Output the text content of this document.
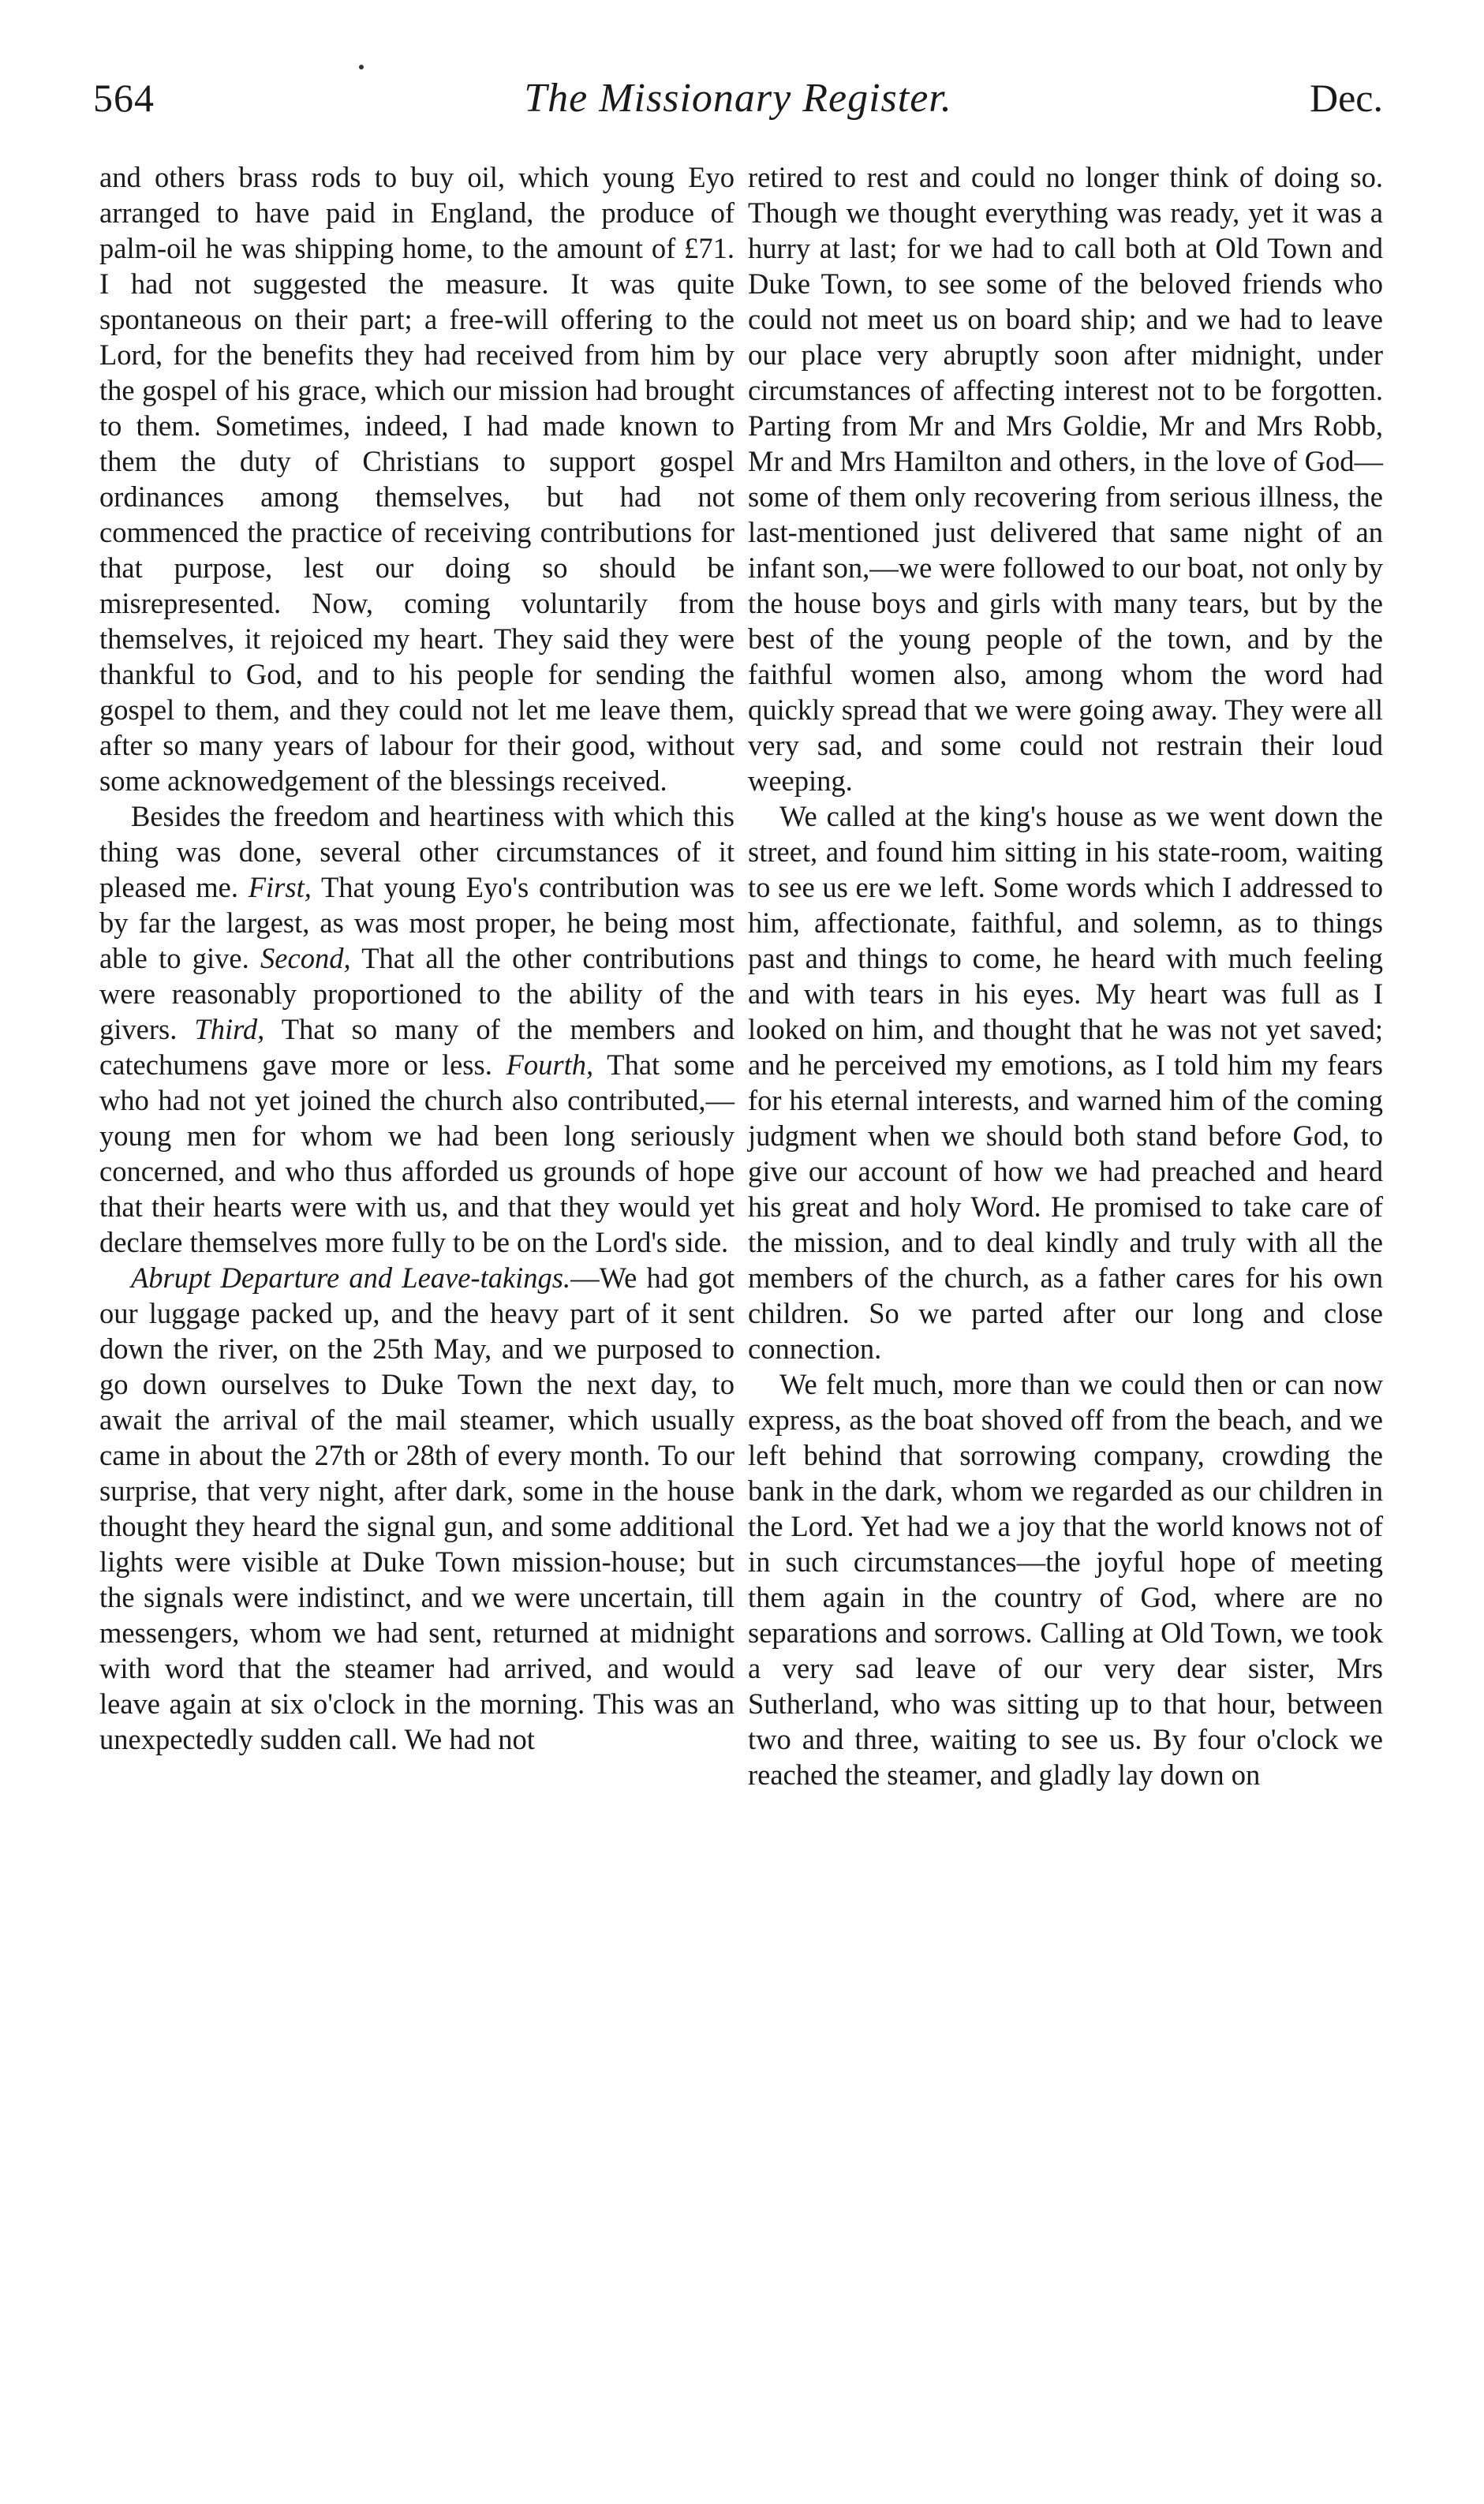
564	The Missionary Register.	Dec.

and others brass rods to buy oil, which young Eyo arranged to have paid in England, the produce of palm-oil he was shipping home, to the amount of £71. I had not suggested the measure. It was quite spontaneous on their part; a free-will offering to the Lord, for the benefits they had received from him by the gospel of his grace, which our mission had brought to them. Sometimes, indeed, I had made known to them the duty of Christians to support gospel ordinances among themselves, but had not commenced the practice of receiving contributions for that purpose, lest our doing so should be misrepresented. Now, coming voluntarily from themselves, it rejoiced my heart. They said they were thankful to God, and to his people for sending the gospel to them, and they could not let me leave them, after so many years of labour for their good, without some acknowedgement of the blessings received.

Besides the freedom and heartiness with which this thing was done, several other circumstances of it pleased me. First, That young Eyo's contribution was by far the largest, as was most proper, he being most able to give. Second, That all the other contributions were reasonably proportioned to the ability of the givers. Third, That so many of the members and catechumens gave more or less. Fourth, That some who had not yet joined the church also contributed,—young men for whom we had been long seriously concerned, and who thus afforded us grounds of hope that their hearts were with us, and that they would yet declare themselves more fully to be on the Lord's side.

Abrupt Departure and Leave-takings.—We had got our luggage packed up, and the heavy part of it sent down the river, on the 25th May, and we purposed to go down ourselves to Duke Town the next day, to await the arrival of the mail steamer, which usually came in about the 27th or 28th of every month. To our surprise, that very night, after dark, some in the house thought they heard the signal gun, and some additional lights were visible at Duke Town mission-house; but the signals were indistinct, and we were uncertain, till messengers, whom we had sent, returned at midnight with word that the steamer had arrived, and would leave again at six o'clock in the morning. This was an unexpectedly sudden call. We had not

retired to rest and could no longer think of doing so. Though we thought everything was ready, yet it was a hurry at last; for we had to call both at Old Town and Duke Town, to see some of the beloved friends who could not meet us on board ship; and we had to leave our place very abruptly soon after midnight, under circumstances of affecting interest not to be forgotten. Parting from Mr and Mrs Goldie, Mr and Mrs Robb, Mr and Mrs Hamilton and others, in the love of God—some of them only recovering from serious illness, the last-mentioned just delivered that same night of an infant son,—we were followed to our boat, not only by the house boys and girls with many tears, but by the best of the young people of the town, and by the faithful women also, among whom the word had quickly spread that we were going away. They were all very sad, and some could not restrain their loud weeping.

We called at the king's house as we went down the street, and found him sitting in his state-room, waiting to see us ere we left. Some words which I addressed to him, affectionate, faithful, and solemn, as to things past and things to come, he heard with much feeling and with tears in his eyes. My heart was full as I looked on him, and thought that he was not yet saved; and he perceived my emotions, as I told him my fears for his eternal interests, and warned him of the coming judgment when we should both stand before God, to give our account of how we had preached and heard his great and holy Word. He promised to take care of the mission, and to deal kindly and truly with all the members of the church, as a father cares for his own children. So we parted after our long and close connection.

We felt much, more than we could then or can now express, as the boat shoved off from the beach, and we left behind that sorrowing company, crowding the bank in the dark, whom we regarded as our children in the Lord. Yet had we a joy that the world knows not of in such circumstances—the joyful hope of meeting them again in the country of God, where are no separations and sorrows. Calling at Old Town, we took a very sad leave of our very dear sister, Mrs Sutherland, who was sitting up to that hour, between two and three, waiting to see us. By four o'clock we reached the steamer, and gladly lay down on
